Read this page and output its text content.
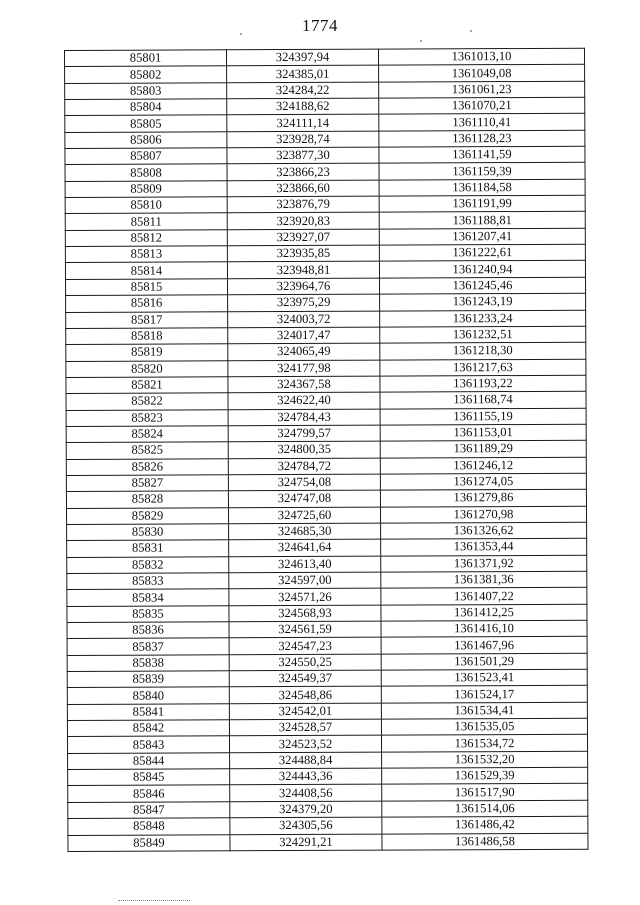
1774
85801	324397,94	1361013,10
85802	324385,01	1361049,08
85803	324284,22	1361061,23
85804	324188,62	1361070,21
85805	324111,14	1361110,41
85806	323928,74	1361128,23
85807	323877,30	1361141,59
85808	323866,23	1361159,39
85809	323866,60	1361184,58
85810	323876,79	1361191,99
85811	323920,83	1361188,81
85812	323927,07	1361207,41
85813	323935,85	1361222,61
85814	323948,81	1361240,94
85815	323964,76	1361245,46
85816	323975,29	1361243,19
85817	324003,72	1361233,24
85818	324017,47	1361232,51
85819	324065,49	1361218,30
85820	324177,98	1361217,63
85821	324367,58	1361193,22
85822	324622,40	1361168,74
85823	324784,43	1361155,19
85824	324799,57	1361153,01
85825	324800,35	1361189,29
85826	324784,72	1361246,12
85827	324754,08	1361274,05
85828	324747,08	1361279,86
85829	324725,60	1361270,98
85830	324685,30	1361326,62
85831	324641,64	1361353,44
85832	324613,40	1361371,92
85833	324597,00	1361381,36
85834	324571,26	1361407,22
85835	324568,93	1361412,25
85836	324561,59	1361416,10
85837	324547,23	1361467,96
85838	324550,25	1361501,29
85839	324549,37	1361523,41
85840	324548,86	1361524,17
85841	324542,01	1361534,41
85842	324528,57	1361535,05
85843	324523,52	1361534,72
85844	324488,84	1361532,20
85845	324443,36	1361529,39
85846	324408,56	1361517,90
85847	324379,20	1361514,06
85848	324305,56	1361486,42
85849	324291,21	1361486,58
